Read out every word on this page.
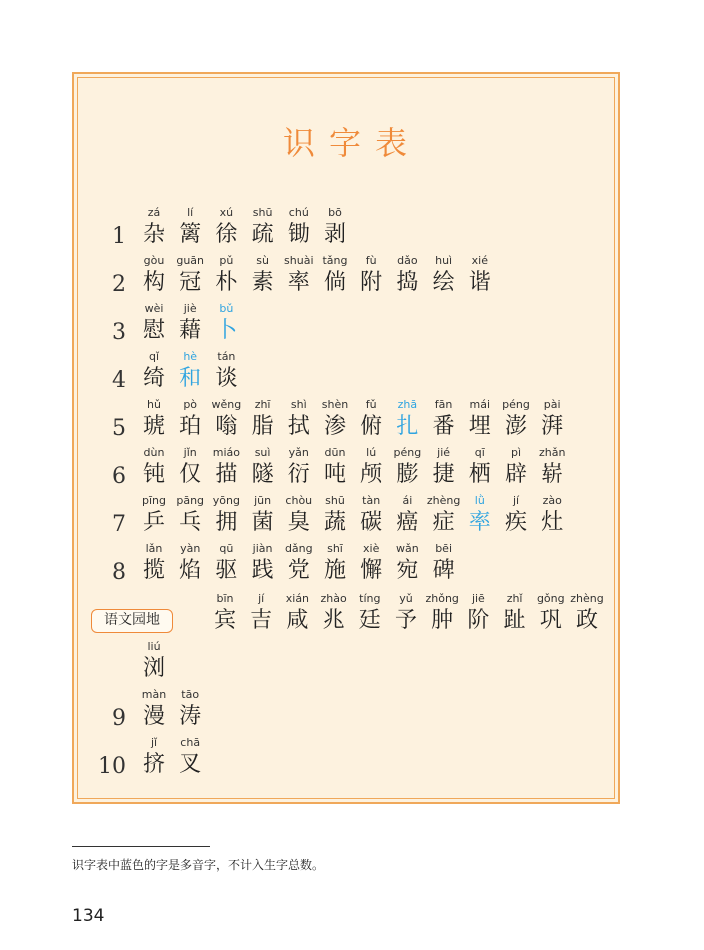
识字表
语文园地
1
zá
杂
lí
篱
xú
徐
shū
疏
chú
锄
bō
剥
2
gòu
构
guān
冠
pǔ
朴
sù
素
shuài
率
tǎng
倘
fù
附
dǎo
捣
huì
绘
xié
谐
3
wèi
慰
jiè
藉
bǔ
卜
4
qǐ
绮
hè
和
tán
谈
5
hǔ
琥
pò
珀
wěng
嗡
zhī
脂
shì
拭
shèn
渗
fǔ
俯
zhā
扎
fān
番
mái
埋
péng
澎
pài
湃
6
dùn
钝
jǐn
仅
miáo
描
suì
隧
yǎn
衍
dūn
吨
lú
颅
péng
膨
jié
捷
qī
栖
pì
辟
zhǎn
崭
7
pīng
乒
pāng
乓
yōng
拥
jūn
菌
chòu
臭
shū
蔬
tàn
碳
ái
癌
zhèng
症
lǜ
率
jí
疾
zào
灶
8
lǎn
揽
yàn
焰
qū
驱
jiàn
践
dǎng
党
shī
施
xiè
懈
wǎn
宛
bēi
碑
bīn
宾
jí
吉
xián
咸
zhào
兆
tíng
廷
yǔ
予
zhǒng
肿
jiē
阶
zhǐ
趾
gǒng
巩
zhèng
政
liú
浏
9
màn
漫
tāo
涛
10
jǐ
挤
chā
叉
识字表中蓝色的字是多音字，不计入生字总数。
134
